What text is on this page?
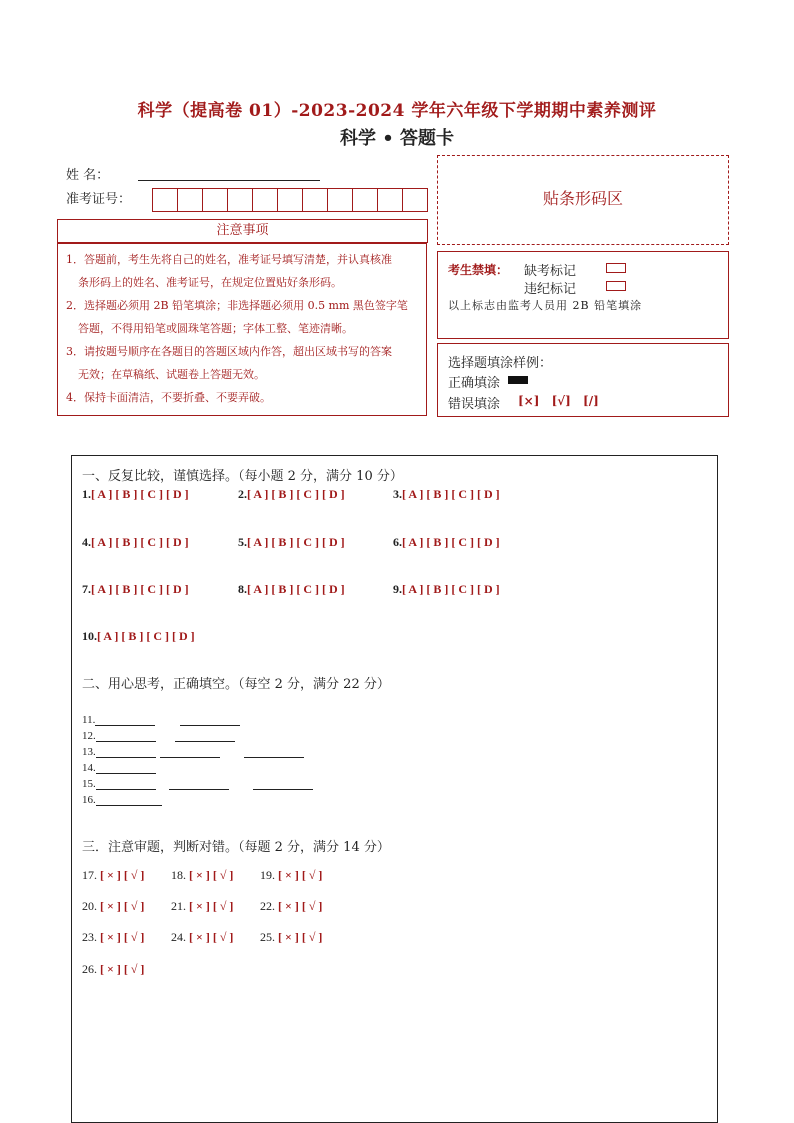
科学（提高卷 01）-2023-2024 学年六年级下学期期中素养测评
科学 • 答题卡
姓 名：
准考证号：	贴条形码区
注意事项
1．答题前，考生先将自己的姓名，准考证号填写清楚，并认真核准
条形码上的姓名、准考证号，在规定位置贴好条形码。
2．选择题必须用 2B 铅笔填涂；非选择题必须用 0.5 mm 黑色签字笔
答题，不得用铅笔或圆珠笔答题；字体工整、笔迹清晰。
3．请按题号顺序在各题目的答题区域内作答，超出区域书写的答案
无效；在草稿纸、试题卷上答题无效。
4．保持卡面清洁，不要折叠、不要弄破。
考生禁填： 缺考标记
违纪标记
以上标志由监考人员用 2B 铅笔填涂
选择题填涂样例：
正确填涂
错误填涂 [×] [√] [/]
一、反复比较，谨慎选择。（每小题 2 分，满分 10 分）
1.[ A ] [ B ] [ C ] [ D ]	2.[ A ] [ B ] [ C ] [ D ]	3.[ A ] [ B ] [ C ] [ D ]
4.[ A ] [ B ] [ C ] [ D ]	5.[ A ] [ B ] [ C ] [ D ]	6.[ A ] [ B ] [ C ] [ D ]
7.[ A ] [ B ] [ C ] [ D ]	8.[ A ] [ B ] [ C ] [ D ]	9.[ A ] [ B ] [ C ] [ D ]
10.[ A ] [ B ] [ C ] [ D ]
二、用心思考，正确填空。（每空 2 分，满分 22 分）
11.
12.
13.
14.
15.
16.
三．注意审题，判断对错。（每题 2 分，满分 14 分）
17. [ × ] [ √ ] 18. [ × ] [ √ ] 19. [ × ] [ √ ]
20. [ × ] [ √ ] 21. [ × ] [ √ ] 22. [ × ] [ √ ]
23. [ × ] [ √ ] 24. [ × ] [ √ ] 25. [ × ] [ √ ]
26. [ × ] [ √ ]
